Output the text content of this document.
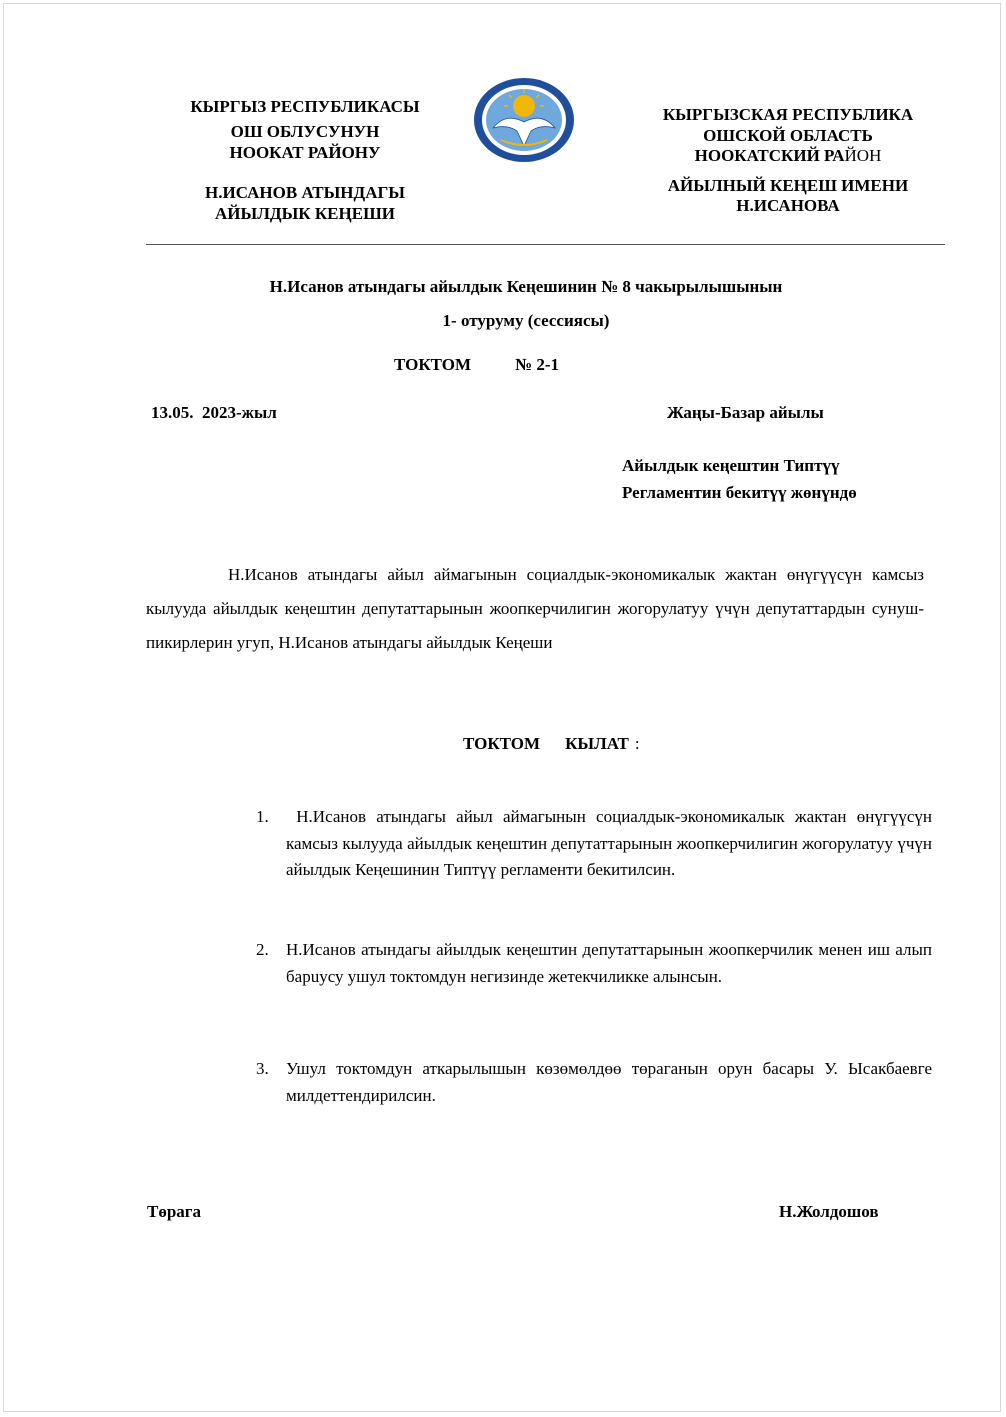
КЫРГЫЗ РЕСПУБЛИКАСЫ
ОШ ОБЛУСУНУН
НООКАТ РАЙОНУ
Н.ИСАНОВ АТЫНДАГЫ
АЙЫЛДЫК КЕҢЕШИ
КЫРГЫЗСКАЯ РЕСПУБЛИКА
ОШСКОЙ ОБЛАСТЬ
НООКАТСКИЙ РАЙОН
АЙЫЛНЫЙ КЕҢЕШ ИМЕНИ
Н.ИСАНОВА
Н.Исанов атындагы айылдык Кеңешинин № 8 чакырылышынын
1- отуруму (сессиясы)
ТОКТОМ	№ 2-1
13.05.  2023-жыл	Жаңы-Базар айылы
Айылдык кеңештин Типтүү
Регламентин бекитүү жөнүндө
Н.Исанов атындагы айыл аймагынын социалдык-экономикалык жактан өнүгүүсүн камсыз кылууда айылдык кеңештин депутаттарынын жоопкерчилигин жогорулатуу үчүн депутаттардын сунуш-пикирлерин угуп, Н.Исанов атындагы айылдык Кеңеши
ТОКТОМ КЫЛАТ :
1. Н.Исанов атындагы айыл аймагынын социалдык-экономикалык жактан өнүгүүсүн камсыз кылууда айылдык кеңештин депутаттарынын жоопкерчилигин жогорулатуу үчүн айылдык Кеңешинин Типтүү регламенти бекитилсин.
2. Н.Исанов атындагы айылдык кеңештин депутаттарынын жоопкерчилик менен иш алып барuусу ушул токтомдун негизинде жетекчиликке алынсын.
3. Ушул токтомдун аткарылышын көзөмөлдөө төраганын орун басары У. Ысакбаевге милдеттендирилсин.
Төрага	Н.Жолдошов
